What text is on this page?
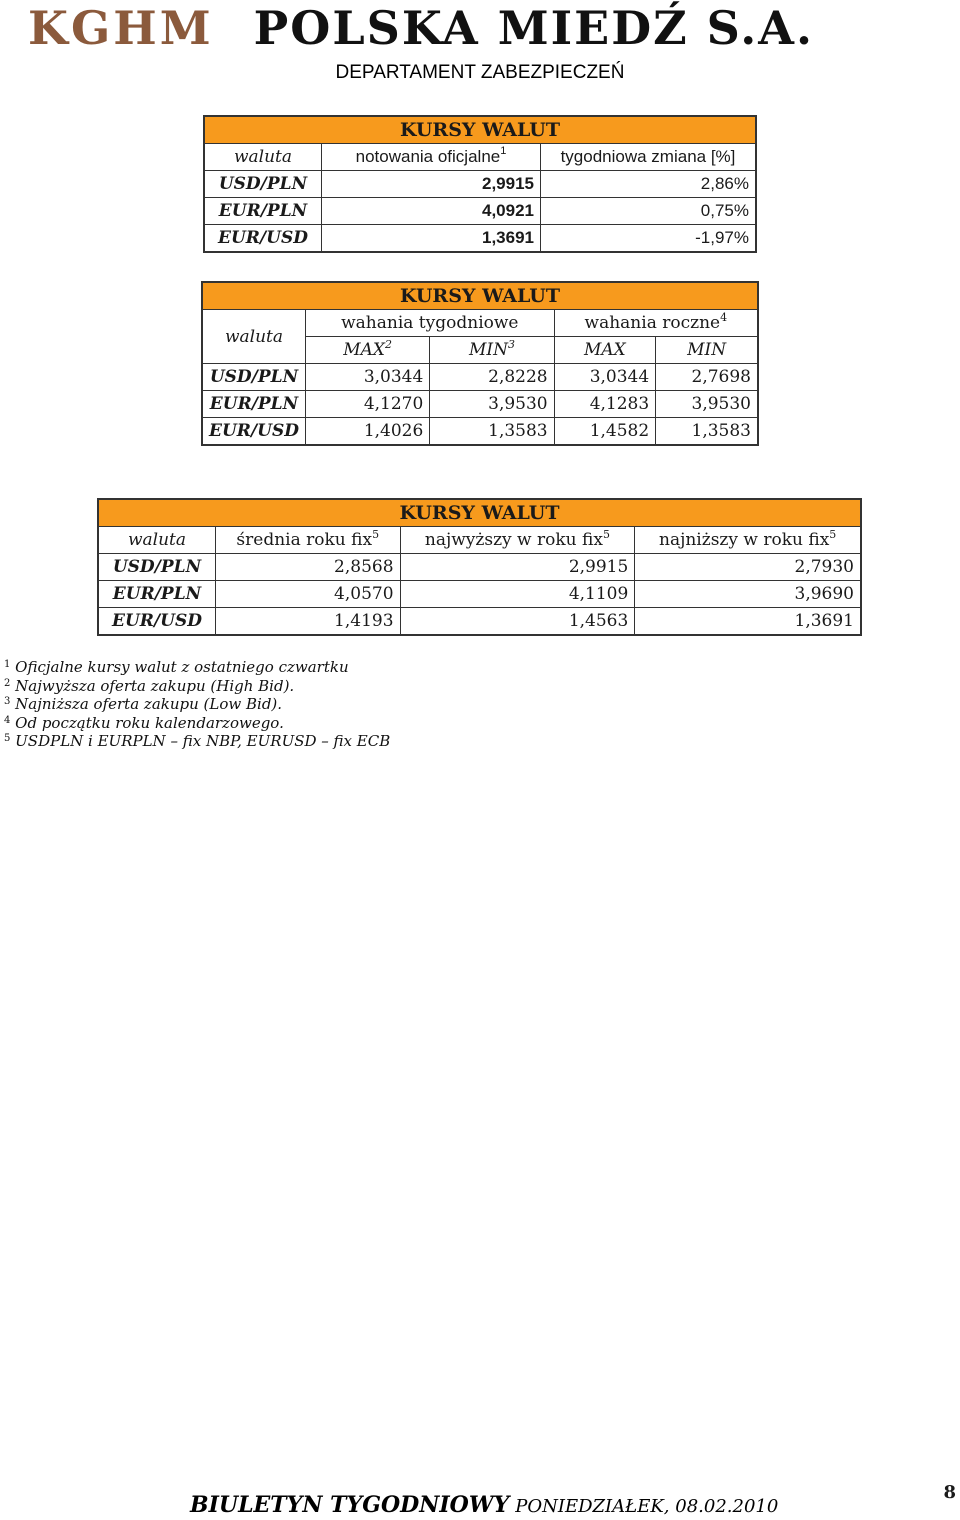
KGHM POLSKA MIEDŹ S.A.
DEPARTAMENT ZABEZPIECZEŃ
KURSY WALUT		
waluta	notowania oficjalne$^1$	tygodniowa zmiana [%]
USD/PLN	2,9915	2,86%
EUR/PLN	4,0921	0,75%
EUR/USD	1,3691	-1,97%
KURSY WALUT				
waluta	wahania tygodniowe		wahania roczne$^4$
	MAX$^2$	MIN$^3$	MAX	MIN
USD/PLN	3,0344	2,8228	3,0344	2,7698
EUR/PLN	4,1270	3,9530	4,1283	3,9530
EUR/USD	1,4026	1,3583	1,4582	1,3583
KURSY WALUT			
waluta	średnia roku fix$^5$	najwyższy w roku fix$^5$	najniższy w roku fix$^5$
USD/PLN	2,8568	2,9915	2,7930
EUR/PLN	4,0570	4,1109	3,9690
EUR/USD	1,4193	1,4563	1,3691
$^1$ Oficjalne kursy walut z ostatniego czwartku
$^2$ Najwyższa oferta zakupu (High Bid).
$^3$ Najniższa oferta zakupu (Low Bid).
$^4$ Od początku roku kalendarzowego.
$^5$ USDPLN i EURPLN – fix NBP, EURUSD – fix ECB
BIULETYN TYGODNIOWY PONIEDZIAŁEK, 08.02.2010
8
